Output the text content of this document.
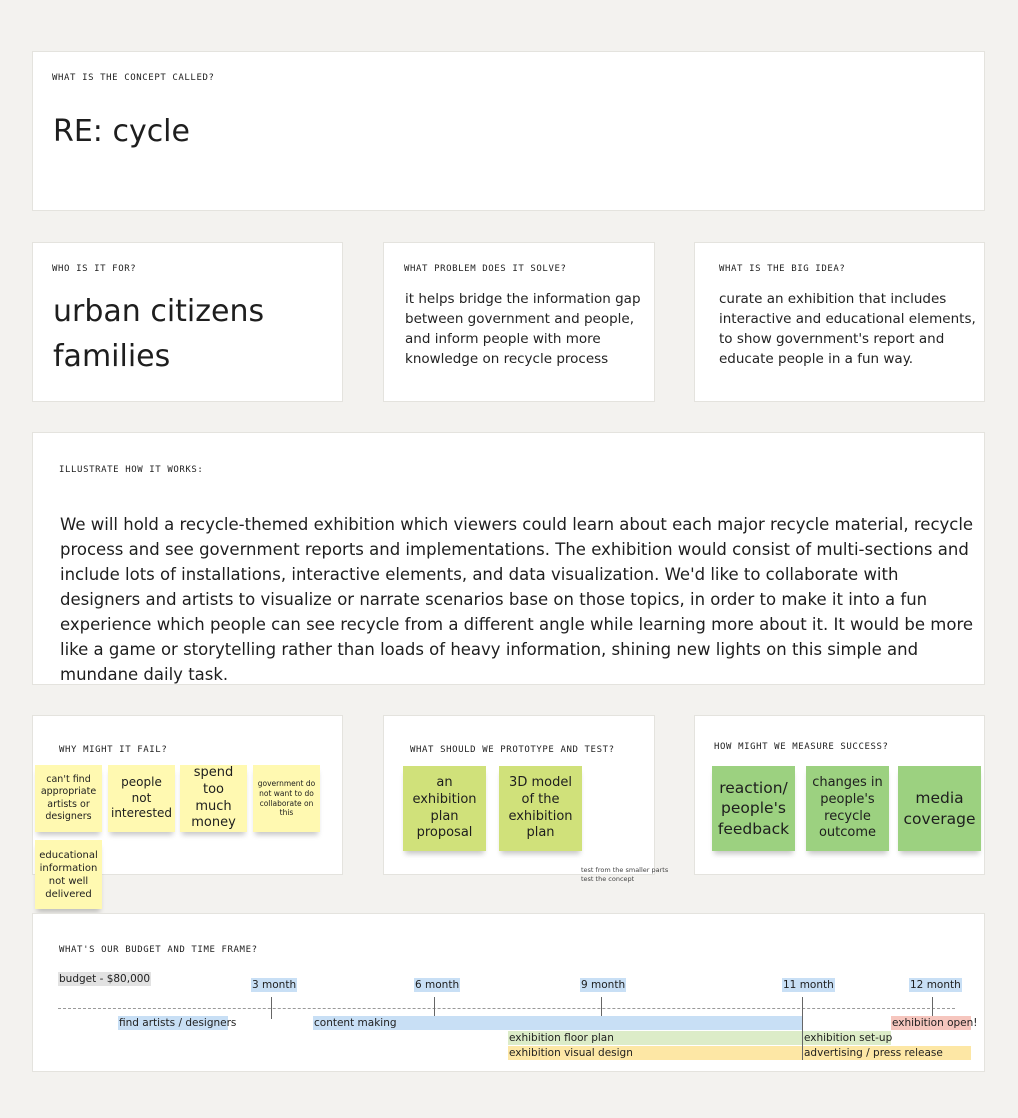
WHAT IS THE CONCEPT CALLED?
RE: cycle
WHO IS IT FOR?
urban citizens
families
WHAT PROBLEM DOES IT SOLVE?
it helps bridge the information gap between government and people, and inform people with more knowledge on recycle process
WHAT IS THE BIG IDEA?
curate an exhibition that includes interactive and educational elements, to show government's report and educate people in a fun way.
ILLUSTRATE HOW IT WORKS:
We will hold a recycle-themed exhibition which viewers could learn about each major recycle material, recycle process and see government reports and implementations. The exhibition would consist of multi-sections and include lots of installations, interactive elements, and data visualization. We'd like to collaborate with designers and artists to visualize or narrate scenarios base on those topics, in order to make it into a fun experience which people can see recycle from a different angle while learning more about it. It would be more like a game or storytelling rather than loads of heavy information, shining new lights on this simple and mundane daily task.
WHY MIGHT IT FAIL?
can't find appropriate artists or designers
people not interested
spend too much money
government do not want to do collaborate on this
educational information not well delivered
WHAT SHOULD WE PROTOTYPE AND TEST?
an exhibition plan proposal
3D model of the exhibition plan
test from the smaller parts
test the concept
HOW MIGHT WE MEASURE SUCCESS?
reaction/ people's feedback
changes in people's recycle outcome
media coverage
WHAT'S OUR BUDGET AND TIME FRAME?
budget - $80,000	3 month	6 month	9 month	11 month	12 month
find artists / designers	content making
exhibition floor plan
exhibition visual design
exhibition set-up
advertising / press release
exhibition open!
